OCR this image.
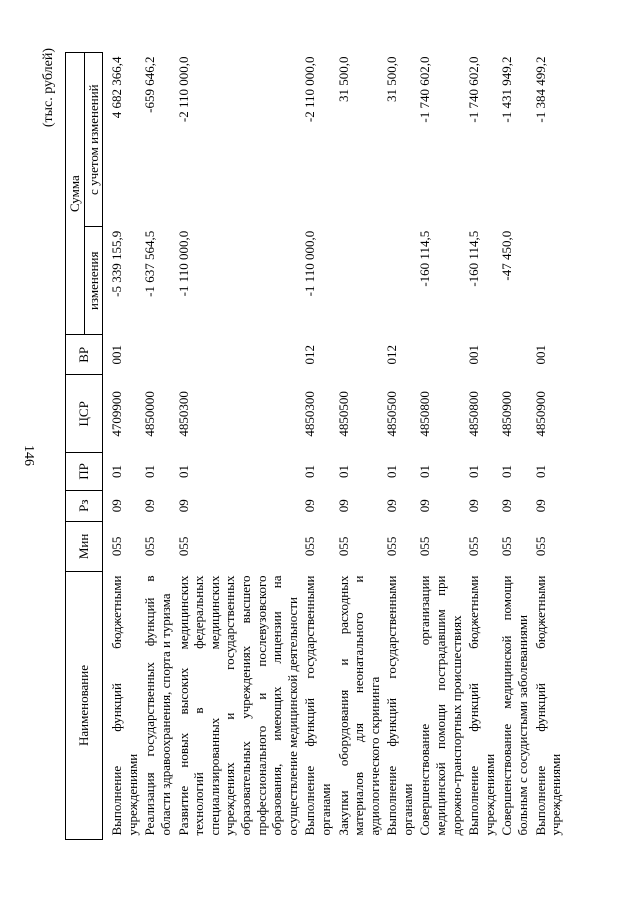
146
(тыс. рублей)
Наименование	Мин	Рз	ПР	ЦСР	ВР	Сумма	
						изменения	с учетом изменений
Выполнение функций бюджетными учреждениями	055	09	01	4709900	001	-5 339 155,9	4 682 366,4
Реализация государственных функций в области здравоохранения, спорта и туризма	055	09	01	4850000		-1 637 564,5	-659 646,2
Развитие новых высоких медицинских технологий в федеральных специализированных медицинских учреждениях и государственных образовательных учреждениях высшего профессионального и послевузовского образования, имеющих лицензии на осуществление медицинской деятельности	055	09	01	4850300		-1 110 000,0	-2 110 000,0
Выполнение функций государственными органами	055	09	01	4850300	012	-1 110 000,0	-2 110 000,0
Закупки оборудования и расходных материалов для неонатального и аудиологического скрининга	055	09	01	4850500			31 500,0
Выполнение функций государственными органами	055	09	01	4850500	012		31 500,0
Совершенствование организации медицинской помощи пострадавшим при дорожно-транспортных происшествиях	055	09	01	4850800		-160 114,5	-1 740 602,0
Выполнение функций бюджетными учреждениями	055	09	01	4850800	001	-160 114,5	-1 740 602,0
Совершенствование медицинской помощи больным с сосудистыми заболеваниями	055	09	01	4850900		-47 450,0	-1 431 949,2
Выполнение функций бюджетными учреждениями	055	09	01	4850900	001		-1 384 499,2
